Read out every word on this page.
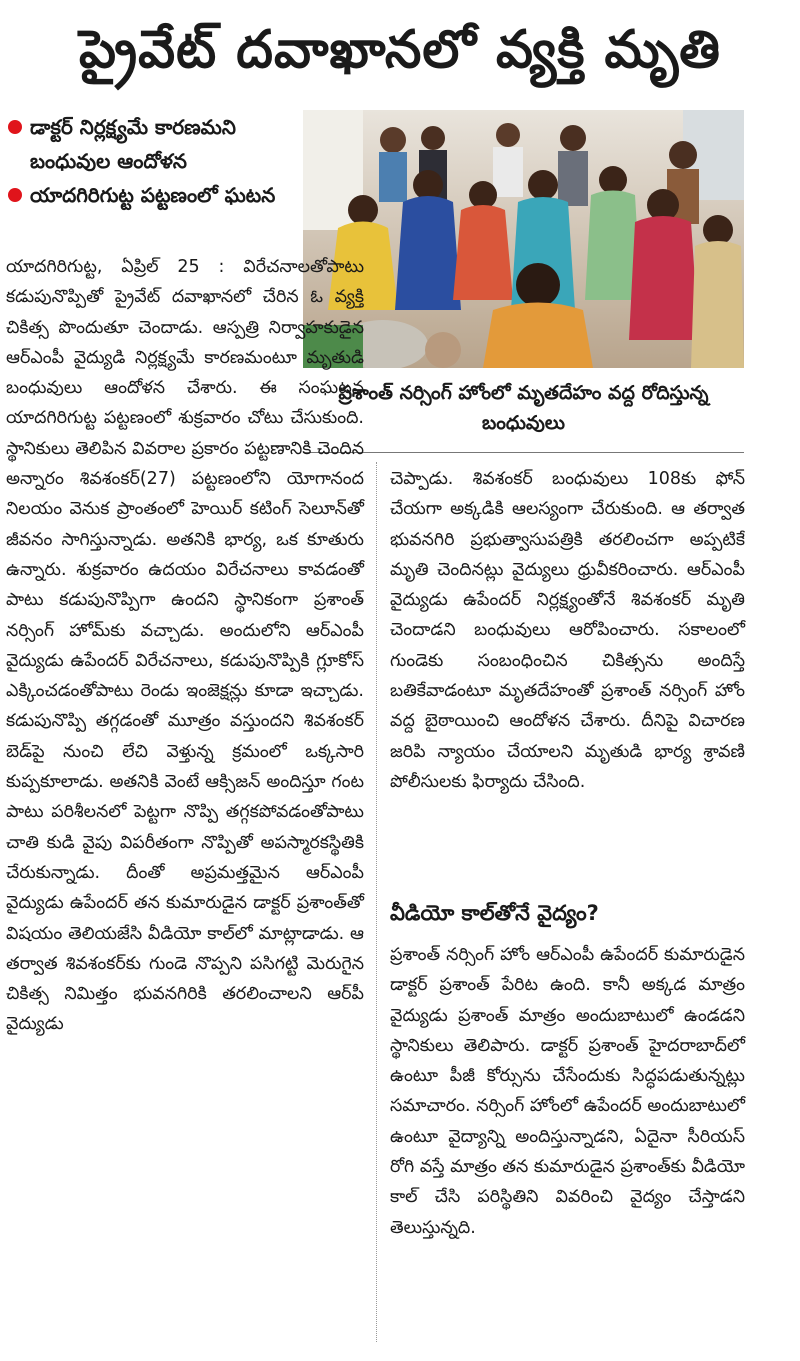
ప్రైవేట్ దవాఖానలో వ్యక్తి మృతి
డాక్టర్ నిర్లక్ష్యమే కారణమని బంధువుల ఆందోళన
యాదగిరిగుట్ట పట్టణంలో ఘటన
ప్రశాంత్ నర్సింగ్ హోంలో మృతదేహం వద్ద రోదిస్తున్న బంధువులు

యాదగిరిగుట్ట, ఏప్రిల్ 25 : విరేచనాలతోపాటు కడుపునొప్పితో ప్రైవేట్ దవాఖానలో చేరిన ఓ వ్యక్తి చికిత్స పొందుతూ చెందాడు. ఆస్పత్రి నిర్వాహకుడైన ఆర్‌ఎంపీ వైద్యుడి నిర్లక్ష్యమే కారణమంటూ మృతుడి బంధువులు ఆందోళన చేశారు. ఈ సంఘటన యాదగిరిగుట్ట పట్టణంలో శుక్రవారం చోటు చేసుకుంది. స్థానికులు తెలిపిన వివరాల ప్రకారం పట్టణానికి చెందిన అన్నారం శివశంకర్(27) పట్టణంలోని యోగానంద నిలయం వెనుక ప్రాంతంలో హెయిర్ కటింగ్ సెలూన్‌తో జీవనం సాగిస్తున్నాడు. అతనికి భార్య, ఒక కూతురు ఉన్నారు. శుక్రవారం ఉదయం విరేచనాలు కావడంతో పాటు కడుపునొప్పిగా ఉందని స్థానికంగా ప్రశాంత్ నర్సింగ్ హోమ్‌కు వచ్చాడు. అందులోని ఆర్‌ఎంపీ వైద్యుడు ఉపేందర్ విరేచనాలు, కడుపునొప్పికి గ్లూకోస్ ఎక్కించడంతోపాటు రెండు ఇంజెక్షన్లు కూడా ఇచ్చాడు. కడుపునొప్పి తగ్గడంతో మూత్రం వస్తుందని శివశంకర్ బెడ్‌పై నుంచి లేచి వెళ్తున్న క్రమంలో ఒక్కసారి కుప్పకూలాడు. అతనికి వెంటే ఆక్సిజన్ అందిస్తూ గంట పాటు పరిశీలనలో పెట్టగా నొప్పి తగ్గకపోవడంతోపాటు చాతి కుడి వైపు విపరీతంగా నొప్పితో అపస్మారకస్థితికి చేరుకున్నాడు. దీంతో అప్రమత్తమైన ఆర్‌ఎంపీ వైద్యుడు ఉపేందర్ తన కుమారుడైన డాక్టర్ ప్రశాంత్‌తో విషయం తెలియజేసి వీడియో కాల్‌లో మాట్లాడాడు. ఆ తర్వాత శివశంకర్‌కు గుండె నొప్పని పసిగట్టి మెరుగైన చికిత్స నిమిత్తం భువనగిరికి తరలించాలని ఆర్‌పీ వైద్యుడు

చెప్పాడు. శివశంకర్ బంధువులు 108కు ఫోన్ చేయగా అక్కడికి ఆలస్యంగా చేరుకుంది. ఆ తర్వాత భువనగిరి ప్రభుత్వాసుపత్రికి తరలించగా అప్పటికే మృతి చెందినట్లు వైద్యులు ధ్రువీకరించారు. ఆర్‌ఎంపీ వైద్యుడు ఉపేందర్ నిర్లక్ష్యంతోనే శివశంకర్ మృతి చెందాడని బంధువులు ఆరోపించారు. సకాలంలో గుండెకు సంబంధించిన చికిత్సను అందిస్తే బతికేవాడంటూ మృతదేహంతో ప్రశాంత్ నర్సింగ్ హోం వద్ద బైఠాయించి ఆందోళన చేశారు. దీనిపై విచారణ జరిపి న్యాయం చేయాలని మృతుడి భార్య శ్రావణి పోలీసులకు ఫిర్యాదు చేసింది.

వీడియో కాల్‌తోనే వైద్యం?

ప్రశాంత్ నర్సింగ్ హోం ఆర్‌ఎంపీ ఉపేందర్ కుమారుడైన డాక్టర్ ప్రశాంత్ పేరిట ఉంది. కానీ అక్కడ మాత్రం వైద్యుడు ప్రశాంత్ మాత్రం అందుబాటులో ఉండడని స్థానికులు తెలిపారు. డాక్టర్ ప్రశాంత్ హైదరాబాద్‌లో ఉంటూ పీజీ కోర్సును చేసేందుకు సిద్ధపడుతున్నట్లు సమాచారం. నర్సింగ్ హోంలో ఉపేందర్ అందుబాటులో ఉంటూ వైద్యాన్ని అందిస్తున్నాడని, ఏదైనా సీరియస్ రోగి వస్తే మాత్రం తన కుమారుడైన ప్రశాంత్‌కు వీడియో కాల్ చేసి పరిస్థితిని వివరించి వైద్యం చేస్తాడని తెలుస్తున్నది.
